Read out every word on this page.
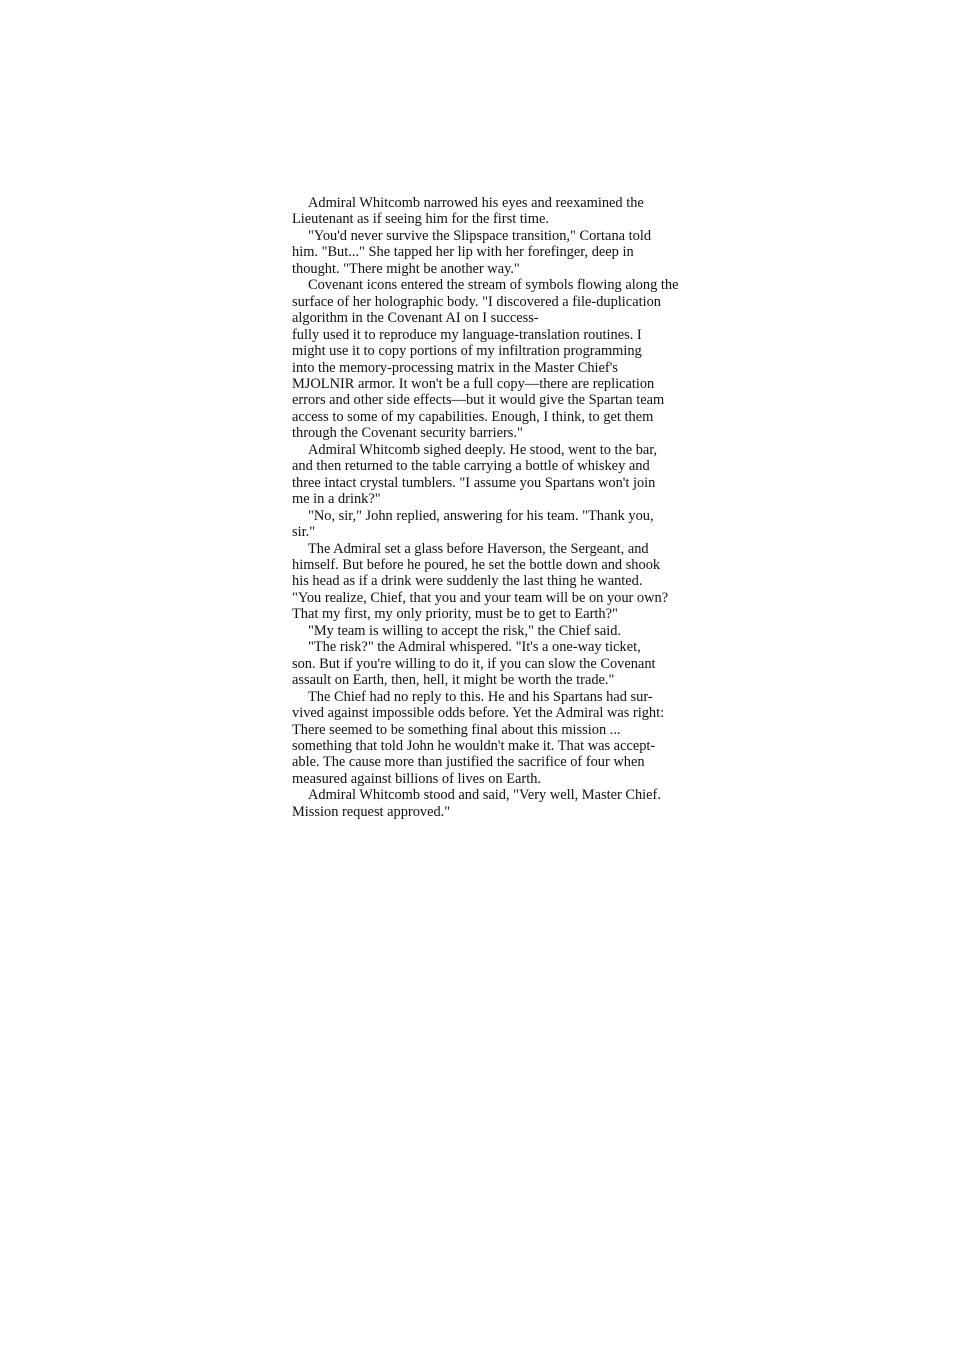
Admiral Whitcomb narrowed his eyes and reexamined the
Lieutenant as if seeing him for the first time.

"You'd never survive the Slipspace transition," Cortana told
him. "But..." She tapped her lip with her forefinger, deep in
thought. "There might be another way."

Covenant icons entered the stream of symbols flowing along the
surface of her holographic body. "I discovered a file-duplication
algorithm in the Covenant AI on I success-
fully used it to reproduce my language-translation routines. I
might use it to copy portions of my infiltration programming
into the memory-processing matrix in the Master Chief's
MJOLNIR armor. It won't be a full copy—there are replication
errors and other side effects—but it would give the Spartan team
access to some of my capabilities. Enough, I think, to get them
through the Covenant security barriers."

Admiral Whitcomb sighed deeply. He stood, went to the bar,
and then returned to the table carrying a bottle of whiskey and
three intact crystal tumblers. "I assume you Spartans won't join
me in a drink?"

"No, sir," John replied, answering for his team. "Thank you,
sir."

The Admiral set a glass before Haverson, the Sergeant, and
himself. But before he poured, he set the bottle down and shook
his head as if a drink were suddenly the last thing he wanted.
"You realize, Chief, that you and your team will be on your own?
That my first, my only priority, must be to get to Earth?"

"My team is willing to accept the risk," the Chief said.

"The risk?" the Admiral whispered. "It's a one-way ticket,
son. But if you're willing to do it, if you can slow the Covenant
assault on Earth, then, hell, it might be worth the trade."

The Chief had no reply to this. He and his Spartans had sur-
vived against impossible odds before. Yet the Admiral was right:
There seemed to be something final about this mission ...
something that told John he wouldn't make it. That was accept-
able. The cause more than justified the sacrifice of four when
measured against billions of lives on Earth.

Admiral Whitcomb stood and said, "Very well, Master Chief.
Mission request approved."
